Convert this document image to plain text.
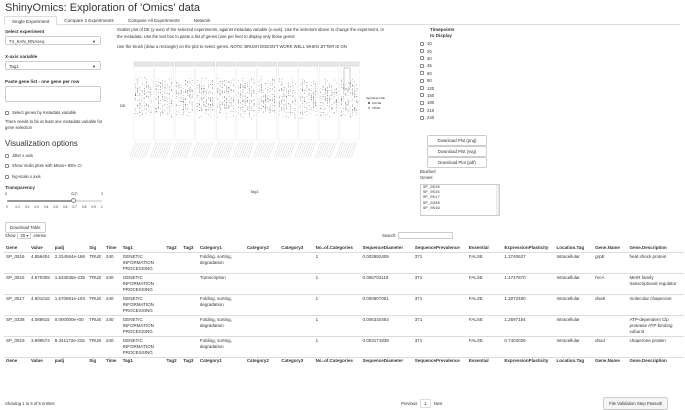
ShinyOmics: Exploration of 'Omics' data
Single Experiment	Compare 2 Experiments	Compare All Experiments	Network
Select experiment
T4_KAN_RNAseq	▼
X-axis variable
Tag1	▼
Paste gene list - one gene per row
Select genes by metadata variable
There needs to be at least one metadata variable for gene selection
Visualization options
Jitter x axis
Show Violin plots with Mean+-95% CI
log-scale x axis
Transparency
0	1
0.7
0 0.1 0.2 0.3 0.4 0.5 0.6 0.7 0.8 0.9 1
Download Table
Scatter plot of DE (y-axis) of the selected experiments, against metadata variable (x-axis). Use the selectors above to change the experiment, or
the metadata. Use the text box to paste a list of genes (one per line) to display only those genes
Use the brush (draw a rectangle) on the plot to select genes. NOTE: BRUSH DOESN'T WORK WELL WHEN JITTER IS ON
DE
Tag1
Significant DE
FALSE
TRUE
Timepoints
to Display
10
20
30
45
60
90
120
150
180
210
240
Download Plot (png)
Download Plot (svg)
Download Plot (pdf)
Brushed
Genes:
SP_0516
SP_0515
SP_0517
SP_0338
SP_0519
Show	25 ▾	entries	Search:
Gene	Value	padj	Sig	Time	Tag1	Tag2	Tag3	Category1	Category2	Category3	No..of.Categories	SequenceDiameter	SequencePrevalence	Essential	ExpressionPlasticity	Location.Tag	Gene.Name	Gene.Description
SP_0516	4.859404	2.334584e-186	TRUE	240	GENETIC INFORMATION PROCESSING			Folding, sorting, degradation			1	0.003992405	371	FALSE	1.3740627	Intracellular	grpE	heat shock protein
SP_0515	4.670309	1.533635e-235	TRUE	240	GENETIC INFORMATION PROCESSING			Transcription			1	0.006704119	371	FALSE	1.4747870	Intracellular	hrcA	MerR family transcriptional regulator
SP_0517	4.601016	1.570981e-193	TRUE	240	GENETIC INFORMATION PROCESSING			Folding, sorting, degradation			1	0.000607051	371	FALSE	1.3072480	Intracellular	dnaK	molecular chaperone
SP_0338	4.088615	0.000000e+00	TRUE	240	GENETIC INFORMATION PROCESSING			Folding, sorting, degradation			1	0.006340454	371	FALSE	1.2697154	Intracellular		ATP-dependent Clp protease ATP-binding subunit
SP_0519	3.998574	8.341172e-215	TRUE	240	GENETIC INFORMATION PROCESSING			Folding, sorting, degradation			1	0.003171836	371	FALSE	0.7404026	Intracellular	dnaJ	chaperone protein
Gene	Value	padj	Sig	Time	Tag1	Tag2	Tag3	Category1	Category2	Category3	No..of.Categories	SequenceDiameter	SequencePrevalence	Essential	ExpressionPlasticity	Location.Tag	Gene.Name	Gene.Description
Showing 1 to 5 of 5 entries	Previous	1	Next	File Validation Step Passed!
